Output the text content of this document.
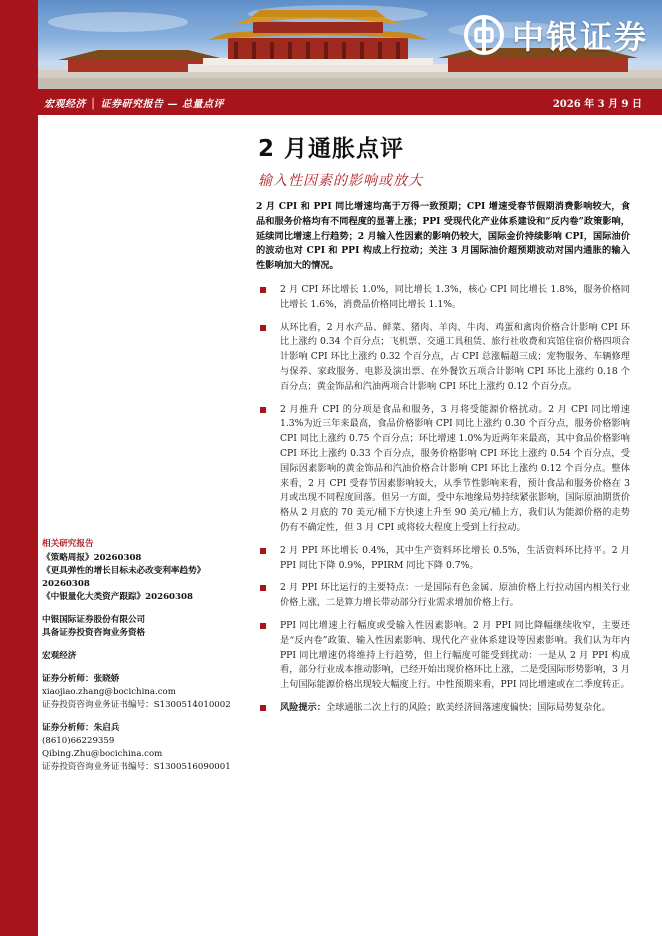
中银证券
宏观经济 │ 证券研究报告 — 总量点评	2026 年 3 月 9 日
2 月通胀点评
输入性因素的影响或放大

2 月 CPI 和 PPI 同比增速均高于万得一致预期；CPI 增速受春节假期消费影响较大，食品和服务价格均有不同程度的显著上涨；PPI 受现代化产业体系建设和“反内卷”政策影响，延续同比增速上行趋势；2 月输入性因素的影响仍较大，国际金价持续影响 CPI，国际油价的波动也对 CPI 和 PPI 构成上行拉动；关注 3 月国际油价超预期波动对国内通胀的输入性影响加大的情况。

2 月 CPI 环比增长 1.0%，同比增长 1.3%，核心 CPI 同比增长 1.8%，服务价格同比增长 1.6%，消费品价格同比增长 1.1%。
从环比看，2 月水产品、鲜菜、猪肉、羊肉、牛肉、鸡蛋和禽肉价格合计影响 CPI 环比上涨约 0.34 个百分点；飞机票、交通工具租赁、旅行社收费和宾馆住宿价格四项合计影响 CPI 环比上涨约 0.32 个百分点，占 CPI 总涨幅超三成；宠物服务、车辆修理与保养、家政服务、电影及演出票、在外餐饮五项合计影响 CPI 环比上涨约 0.18 个百分点；黄金饰品和汽油两项合计影响 CPI 环比上涨约 0.12 个百分点。
2 月推升 CPI 的分项是食品和服务，3 月将受能源价格扰动。2 月 CPI 同比增速 1.3%为近三年来最高，食品价格影响 CPI 同比上涨约 0.30 个百分点，服务价格影响 CPI 同比上涨约 0.75 个百分点；环比增速 1.0%为近两年来最高，其中食品价格影响 CPI 环比上涨约 0.33 个百分点，服务价格影响 CPI 环比上涨约 0.54 个百分点，受国际因素影响的黄金饰品和汽油价格合计影响 CPI 环比上涨约 0.12 个百分点。整体来看，2 月 CPI 受春节因素影响较大，从季节性影响来看，预计食品和服务价格在 3 月或出现不同程度回落。但另一方面，受中东地缘局势持续紧张影响，国际原油期货价格从 2 月底的 70 美元/桶下方快速上升至 90 美元/桶上方，我们认为能源价格的走势仍有不确定性，但 3 月 CPI 或将较大程度上受到上行拉动。
2 月 PPI 环比增长 0.4%，其中生产资料环比增长 0.5%，生活资料环比持平。2 月 PPI 同比下降 0.9%，PPIRM 同比下降 0.7%。
2 月 PPI 环比运行的主要特点：一是国际有色金属、原油价格上行拉动国内相关行业价格上涨，二是算力增长带动部分行业需求增加价格上行。
PPI 同比增速上行幅度或受输入性因素影响。2 月 PPI 同比降幅继续收窄，主要还是“反内卷”政策、输入性因素影响、现代化产业体系建设等因素影响。我们认为年内 PPI 同比增速仍将维持上行趋势，但上行幅度可能受到扰动：一是从 2 月 PPI 构成看，部分行业成本推动影响，已经开始出现价格环比上涨，二是受国际形势影响，3 月上旬国际能源价格出现较大幅度上行。中性预期来看，PPI 同比增速或在二季度转正。
风险提示：全球通胀二次上行的风险；欧美经济回落速度偏快；国际局势复杂化。
相关研究报告
《策略周报》20260308
《更具弹性的增长目标未必改变利率趋势》20260308
《中银量化大类资产跟踪》20260308
中银国际证券股份有限公司
具备证券投资咨询业务资格
宏观经济
证券分析师：张晓娇
xiaojiao.zhang@bocichina.com
证券投资咨询业务证书编号：S1300514010002
证券分析师：朱启兵
(8610)66229359
Qibing.Zhu@bocichina.com
证券投资咨询业务证书编号：S1300516090001
